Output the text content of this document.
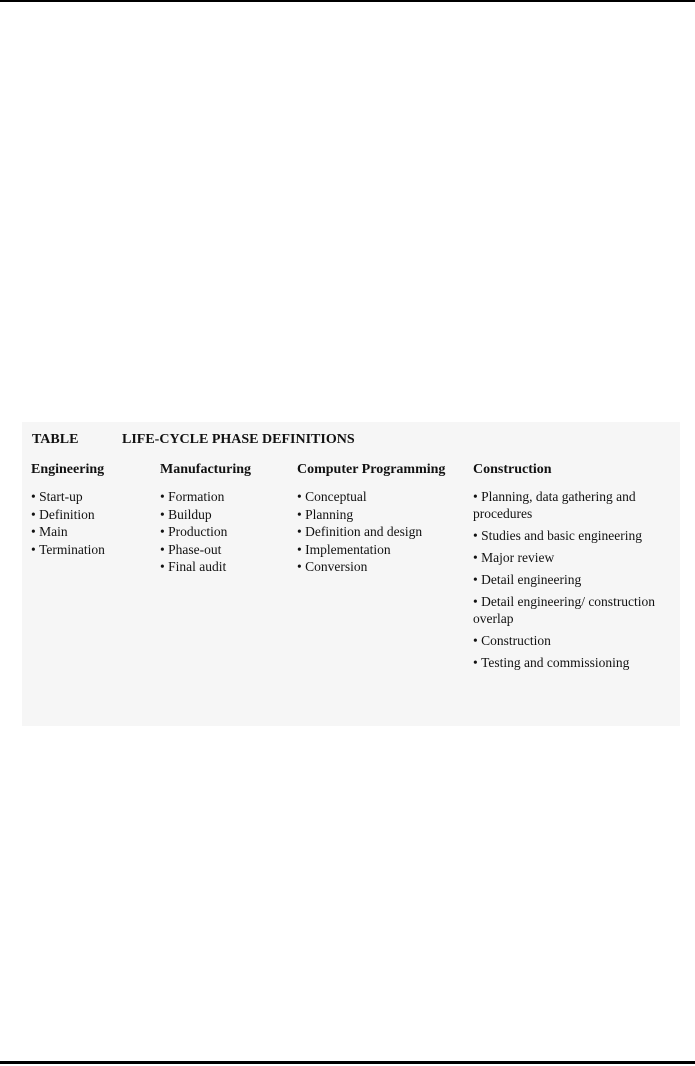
TABLE	LIFE-CYCLE PHASE DEFINITIONS
Engineering
• Start-up
• Definition
• Main
• Termination
Manufacturing
• Formation
• Buildup
• Production
• Phase-out
• Final audit
Computer Programming
• Conceptual
• Planning
• Definition and design
• Implementation
• Conversion
Construction
• Planning, data gathering and procedures
• Studies and basic engineering
• Major review
• Detail engineering
• Detail engineering/ construction overlap
• Construction
• Testing and commissioning
